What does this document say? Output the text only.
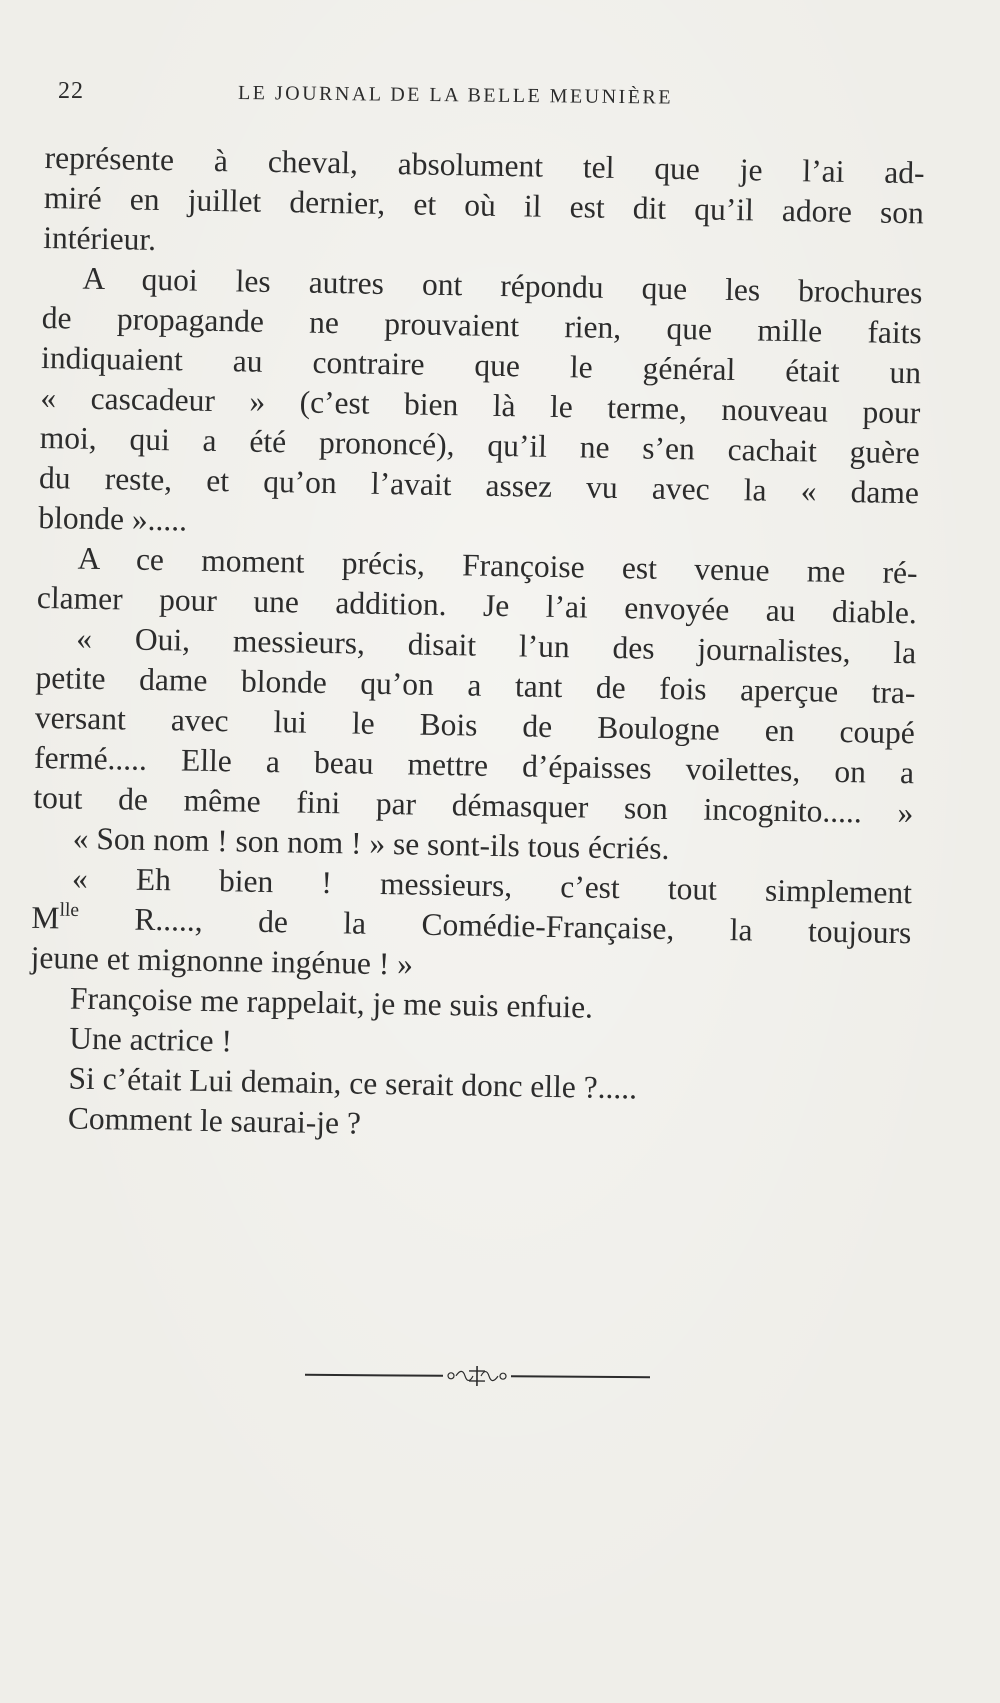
22	LE JOURNAL DE LA BELLE MEUNIÈRE
représente à cheval, absolument tel que je l’ai ad-
miré en juillet dernier, et où il est dit qu’il adore son
intérieur.
A quoi les autres ont répondu que les brochures
de propagande ne prouvaient rien, que mille faits
indiquaient au contraire que le général était un
« cascadeur » (c’est bien là le terme, nouveau pour
moi, qui a été prononcé), qu’il ne s’en cachait guère
du reste, et qu’on l’avait assez vu avec la « dame
blonde ».....
A ce moment précis, Françoise est venue me ré-
clamer pour une addition. Je l’ai envoyée au diable.
« Oui, messieurs, disait l’un des journalistes, la
petite dame blonde qu’on a tant de fois aperçue tra-
versant avec lui le Bois de Boulogne en coupé
fermé..... Elle a beau mettre d’épaisses voilettes, on a
tout de même fini par démasquer son incognito..... »
« Son nom ! son nom ! » se sont-ils tous écriés.
« Eh bien ! messieurs, c’est tout simplement
$M^{lle}$ R....., de la Comédie-Française, la toujours
jeune et mignonne ingénue ! »
Françoise me rappelait, je me suis enfuie.
Une actrice !
Si c’était Lui demain, ce serait donc elle ?.....
Comment le saurai-je ?
